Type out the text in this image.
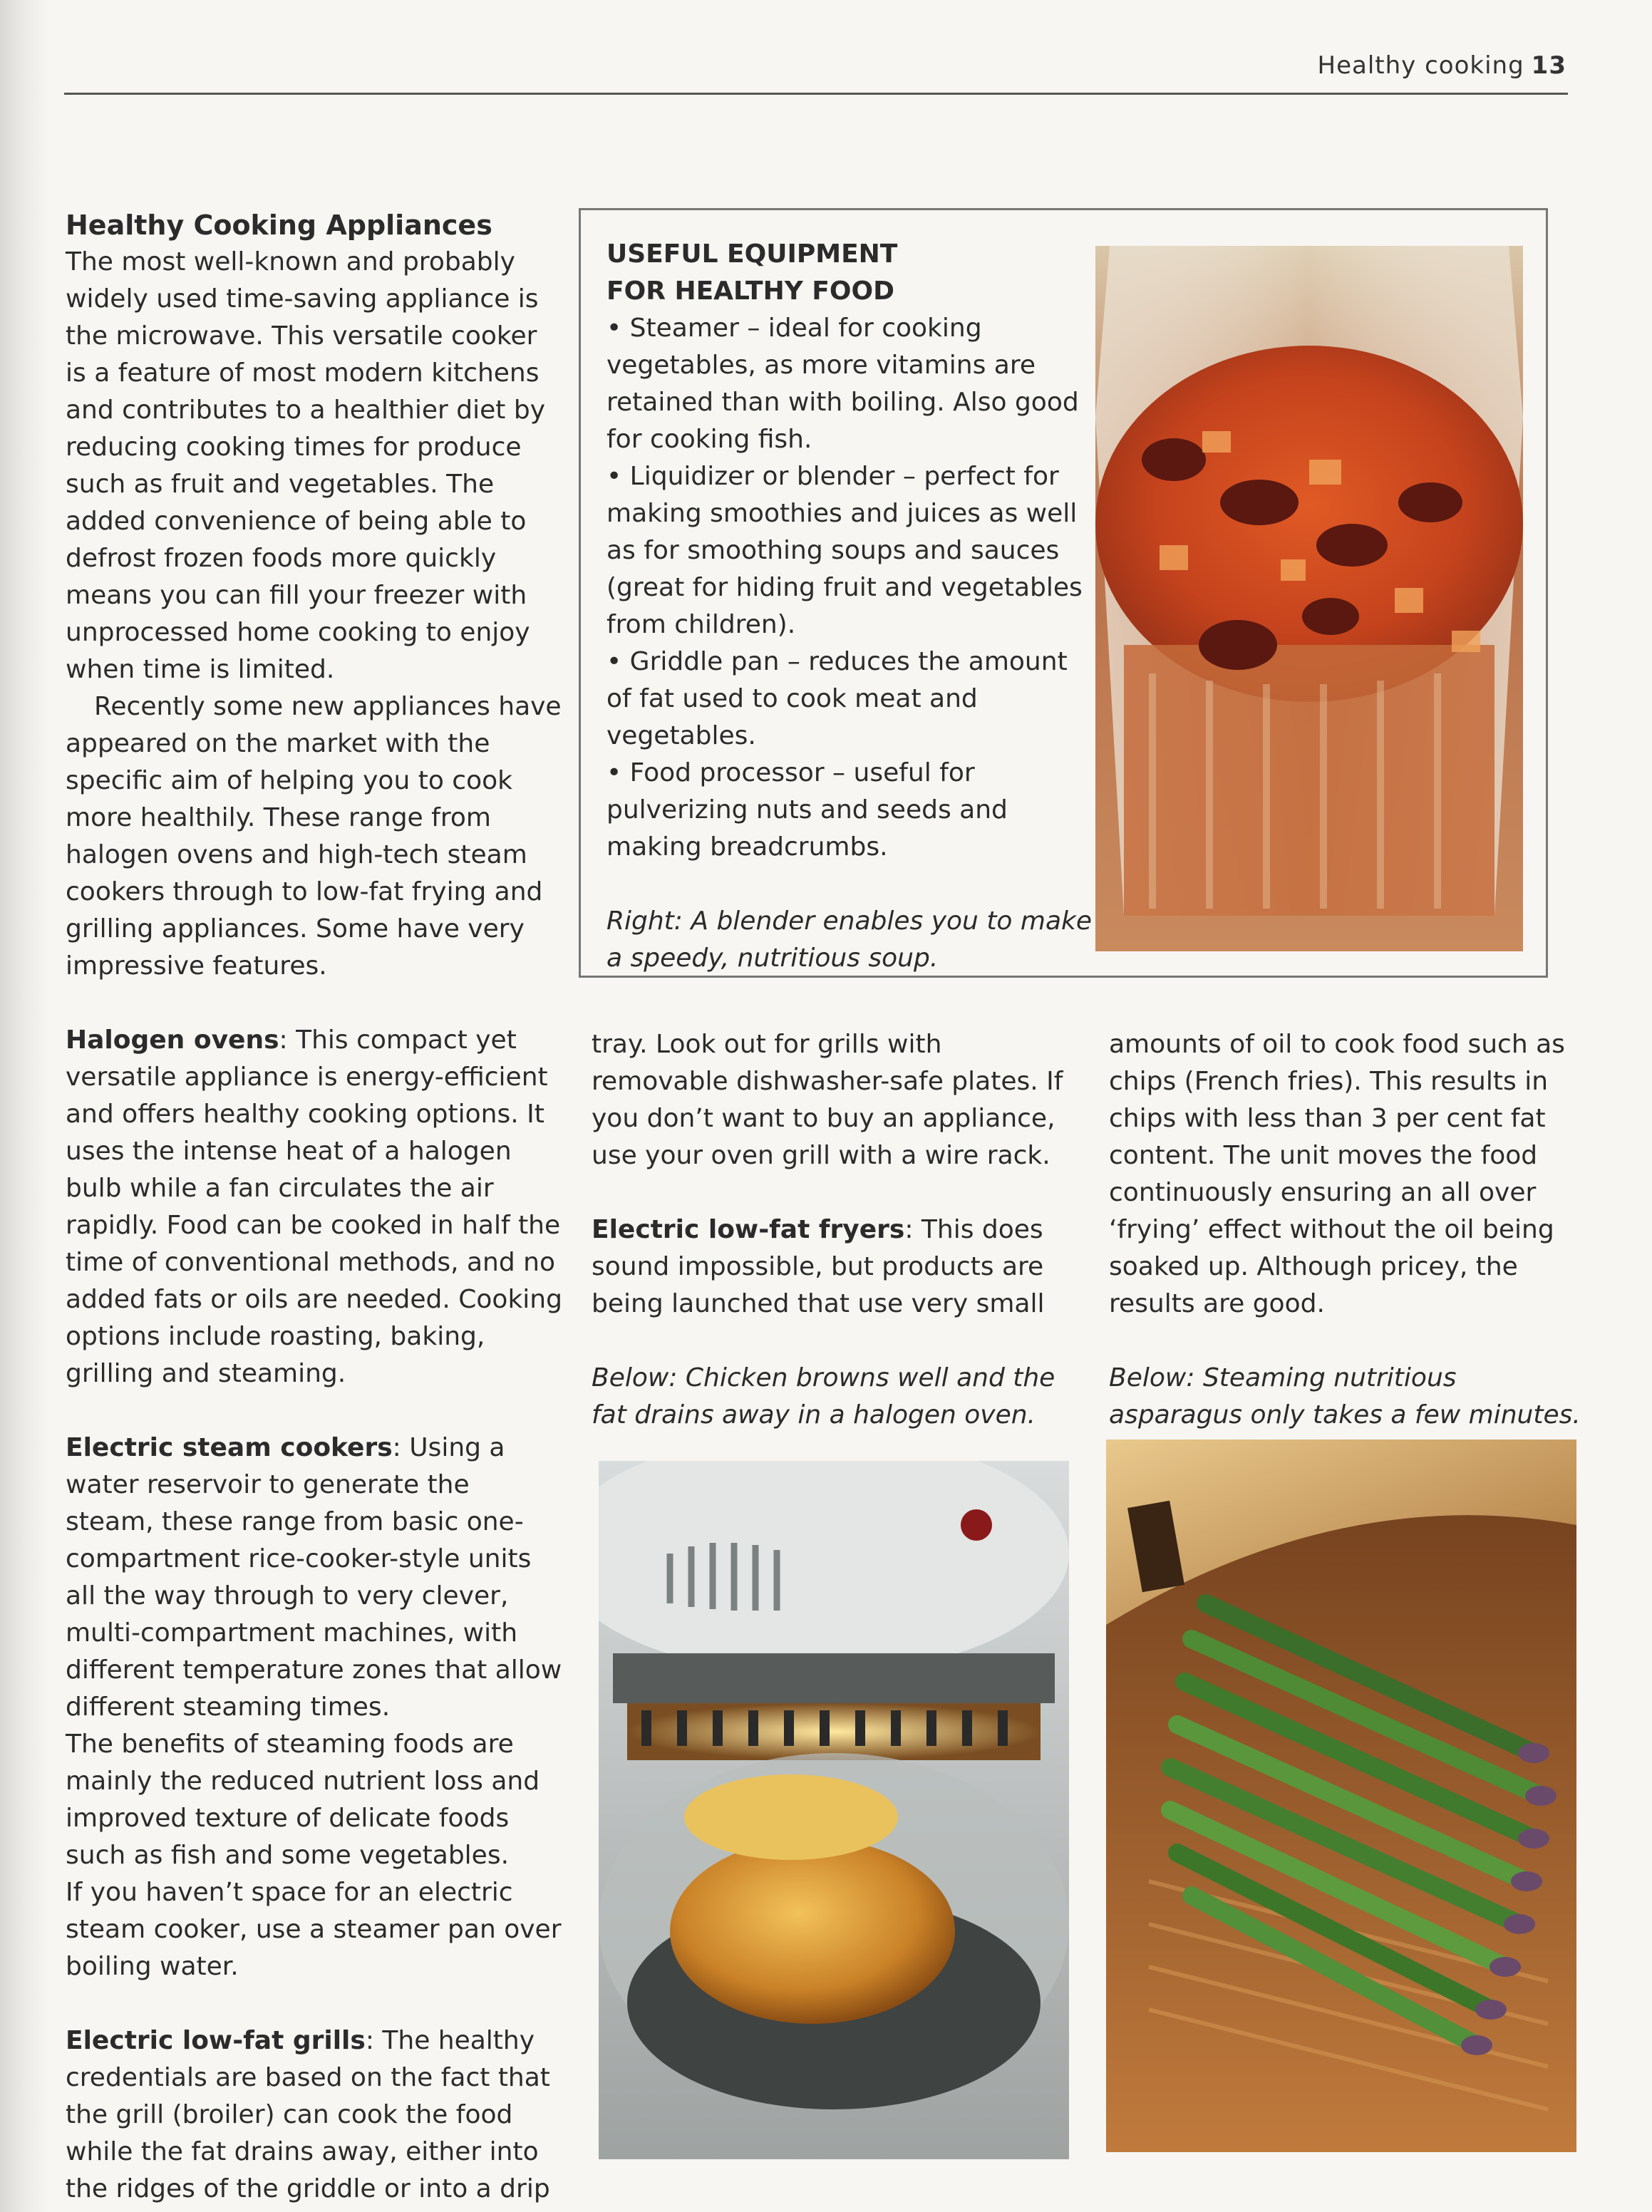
Healthy cooking 13
Healthy Cooking Appliances

The most well-known and probably widely used time-saving appliance is the microwave. This versatile cooker is a feature of most modern kitchens and contributes to a healthier diet by reducing cooking times for produce such as fruit and vegetables. The added convenience of being able to defrost frozen foods more quickly means you can fill your freezer with unprocessed home cooking to enjoy when time is limited.

Recently some new appliances have appeared on the market with the specific aim of helping you to cook more healthily. These range from halogen ovens and high-tech steam cookers through to low-fat frying and grilling appliances. Some have very impressive features.

Halogen ovens: This compact yet versatile appliance is energy-efficient and offers healthy cooking options. It uses the intense heat of a halogen bulb while a fan circulates the air rapidly. Food can be cooked in half the time of conventional methods, and no added fats or oils are needed. Cooking options include roasting, baking, grilling and steaming.

Electric steam cookers: Using a water reservoir to generate the steam, these range from basic one-compartment rice-cooker-style units all the way through to very clever, multi-compartment machines, with different temperature zones that allow different steaming times.

The benefits of steaming foods are mainly the reduced nutrient loss and improved texture of delicate foods such as fish and some vegetables.

If you haven’t space for an electric steam cooker, use a steamer pan over boiling water.

Electric low-fat grills: The healthy credentials are based on the fact that the grill (broiler) can cook the food while the fat drains away, either into the ridges of the griddle or into a drip

USEFUL EQUIPMENT
FOR HEALTHY FOOD

• Steamer – ideal for cooking vegetables, as more vitamins are retained than with boiling. Also good for cooking fish.

• Liquidizer or blender – perfect for making smoothies and juices as well as for smoothing soups and sauces (great for hiding fruit and vegetables from children).

• Griddle pan – reduces the amount of fat used to cook meat and vegetables.

• Food processor – useful for pulverizing nuts and seeds and making breadcrumbs.

Right: A blender enables you to make a speedy, nutritious soup.

tray. Look out for grills with removable dishwasher-safe plates. If you don’t want to buy an appliance, use your oven grill with a wire rack.

Electric low-fat fryers: This does sound impossible, but products are being launched that use very small

Below: Chicken browns well and the fat drains away in a halogen oven.

amounts of oil to cook food such as chips (French fries). This results in chips with less than 3 per cent fat content. The unit moves the food continuously ensuring an all over ‘frying’ effect without the oil being soaked up. Although pricey, the results are good.

Below: Steaming nutritious asparagus only takes a few minutes.
